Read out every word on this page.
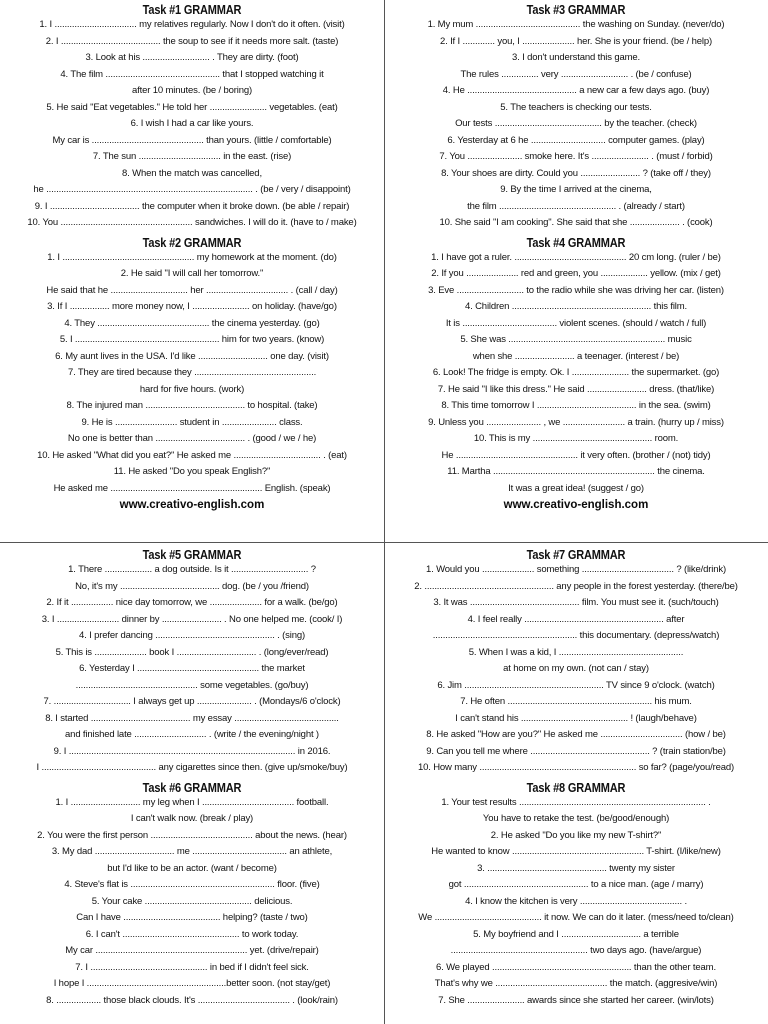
Task #1 GRAMMAR
1. I ................................. my relatives regularly. Now I don't do it often. (visit)
2. I ........................................ the soup to see if it needs more salt. (taste)
3. Look at his ........................... . They are dirty. (foot)
4. The film .............................................. that I stopped watching it
after 10 minutes. (be / boring)
5. He said "Eat vegetables." He told her ....................... vegetables. (eat)
6. I wish I had a car like yours.
My car is ............................................. than yours. (little / comfortable)
7. The sun ................................. in the east. (rise)
8. When the match was cancelled,
he ................................................................................... . (be / very / disappoint)
9. I .................................... the computer when it broke down. (be able / repair)
10. You ..................................................... sandwiches. I will do it. (have to / make)
Task #2 GRAMMAR
1. I ..................................................... my homework at the moment. (do)
2. He said "I will call her tomorrow."
He said that he ............................... her ................................. . (call / day)
3. If I ................ more money now, I ....................... on holiday. (have/go)
4. They ............................................. the cinema yesterday. (go)
5. I .......................................................... him for two years. (know)
6. My aunt lives in the USA. I'd like ............................ one day. (visit)
7. They are tired because they .................................................
hard for five hours. (work)
8. The injured man ........................................ to hospital. (take)
9. He is ......................... student in ...................... class.
No one is better than .................................... . (good / we / he)
10. He asked "What did you eat?" He asked me ................................... . (eat)
11. He asked "Do you speak English?"
He asked me ............................................................. English. (speak)
www.creativo-english.com
Task #3 GRAMMAR
1. My mum .......................................... the washing on Sunday. (never/do)
2. If I ............. you, I ..................... her. She is your friend. (be / help)
3. I don't understand this game.
The rules ............... very ........................... . (be / confuse)
4. He ............................................ a new car a few days ago. (buy)
5. The teachers is checking our tests.
Our tests ........................................... by the teacher. (check)
6. Yesterday at 6 he .............................. computer games. (play)
7. You ...................... smoke here. It's ....................... . (must / forbid)
8. Your shoes are dirty. Could you ........................ ? (take off / they)
9. By the time I arrived at the cinema,
the film ............................................... . (already / start)
10. She said "I am cooking". She said that she .................... . (cook)
Task #4 GRAMMAR
1. I have got a ruler. ............................................. 20 cm long. (ruler / be)
2. If you ..................... red and green, you ................... yellow. (mix / get)
3. Eve ........................... to the radio while she was driving her car. (listen)
4. Children ........................................................ this film.
It is ...................................... violent scenes. (should / watch / full)
5. She was ............................................................... music
when she ........................ a teenager. (interest / be)
6. Look! The fridge is empty. Ok. I ....................... the supermarket. (go)
7. He said "I like this dress." He said ........................ dress. (that/like)
8. This time tomorrow I ........................................ in the sea. (swim)
9. Unless you ...................... , we ......................... a train. (hurry up / miss)
10. This is my ................................................ room.
He ................................................. it very often. (brother / (not) tidy)
11. Martha ................................................................. the cinema.
It was a great idea! (suggest / go)
www.creativo-english.com
Task #5 GRAMMAR
1. There ................... a dog outside. Is it ............................... ?
No, it's my ........................................ dog. (be / you /friend)
2. If it ................. nice day tomorrow, we ..................... for a walk. (be/go)
3. I ......................... dinner by ........................ . No one helped me. (cook/ I)
4. I prefer dancing ................................................ . (sing)
5. This is ..................... book I ................................ . (long/ever/read)
6. Yesterday I ................................................. the market
................................................. some vegetables. (go/buy)
7. ............................... I always get up ...................... . (Mondays/6 o'clock)
8. I started ........................................ my essay ..........................................
and finished late ............................. . (write / the evening/night )
9. I ........................................................................................... in 2016.
I .............................................. any cigarettes since then. (give up/smoke/buy)
Task #6 GRAMMAR
1. I ............................ my leg when I ..................................... football.
I can't walk now. (break / play)
2. You were the first person ......................................... about the news. (hear)
3. My dad ................................ me ...................................... an athlete,
but I'd like to be an actor. (want / become)
4. Steve's flat is .......................................................... floor. (five)
5. Your cake ........................................... delicious.
Can I have ....................................... helping? (taste / two)
6. I can't ............................................... to work today.
My car ............................................................. yet. (drive/repair)
7. I ............................................... in bed if I didn't feel sick.
I hope I ........................................................better soon. (not stay/get)
8. .................. those black clouds. It's ..................................... . (look/rain)
Task #7 GRAMMAR
1. Would you ..................... something ..................................... ? (like/drink)
2. .................................................... any people in the forest yesterday. (there/be)
3. It was ............................................ film. You must see it. (such/touch)
4. I feel really ........................................................ after
.......................................................... this documentary. (depress/watch)
5. When I was a kid, I ..................................................
at home on my own. (not can / stay)
6. Jim ........................................................ TV since 9 o'clock. (watch)
7. He often .......................................................... his mum.
I can't stand his ........................................... ! (laugh/behave)
8. He asked "How are you?" He asked me ................................. (how / be)
9. Can you tell me where ................................................ ? (train station/be)
10. How many ............................................................... so far? (page/you/read)
Task #8 GRAMMAR
1. Your test results ........................................................................... .
You have to retake the test. (be/good/enough)
2. He asked "Do you like my new T-shirt?"
He wanted to know ..................................................... T-shirt. (I/like/new)
3. ................................................ twenty my sister
got .................................................. to a nice man. (age / marry)
4. I know the kitchen is very ......................................... .
We ........................................... it now. We can do it later. (mess/need to/clean)
5. My boyfriend and I ................................ a terrible
....................................................... two days ago. (have/argue)
6. We played ........................................................ than the other team.
That's why we ............................................. the match. (aggresive/win)
7. She ....................... awards since she started her career. (win/lots)
